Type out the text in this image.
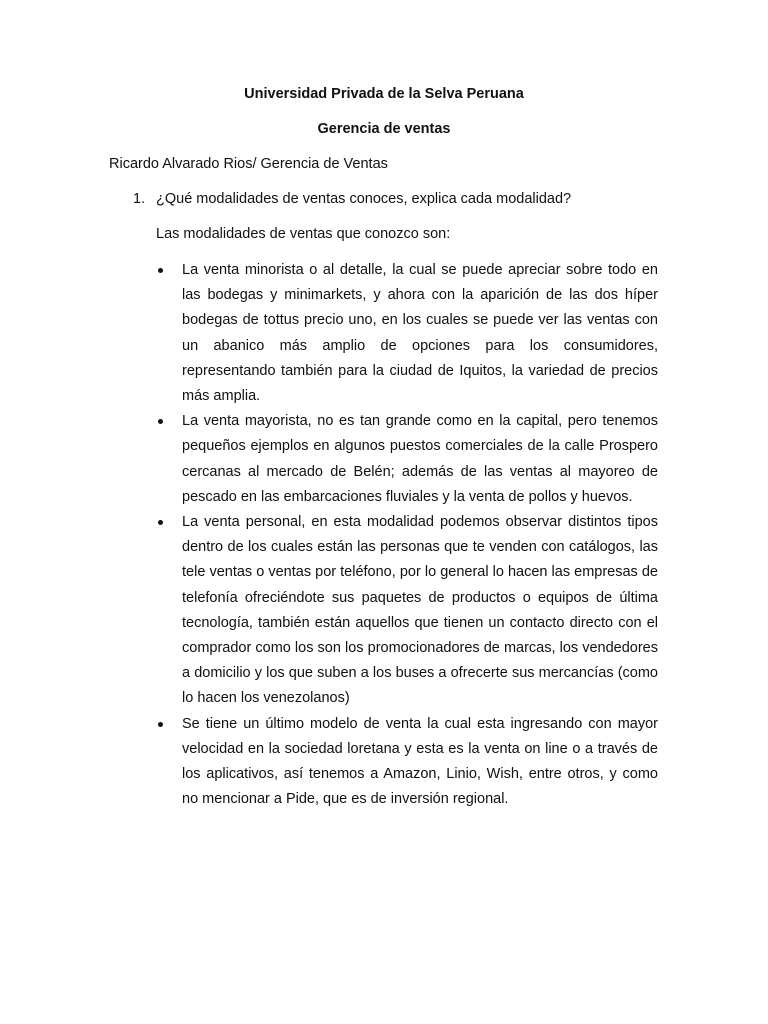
Universidad Privada de la Selva Peruana
Gerencia de ventas
Ricardo Alvarado Rios/ Gerencia de Ventas
1. ¿Qué modalidades de ventas conoces, explica cada modalidad?
Las modalidades de ventas que conozco son:
La venta minorista o al detalle, la cual se puede apreciar sobre todo en las bodegas y minimarkets, y ahora con la aparición de las dos híper bodegas de tottus precio uno, en los cuales se puede ver las ventas con un abanico más amplio de opciones para los consumidores, representando también para la ciudad de Iquitos, la variedad de precios más amplia.
La venta mayorista, no es tan grande como en la capital, pero tenemos pequeños ejemplos en algunos puestos comerciales de la calle Prospero cercanas al mercado de Belén; además de las ventas al mayoreo de pescado en las embarcaciones fluviales y la venta de pollos y huevos.
La venta personal, en esta modalidad podemos observar distintos tipos dentro de los cuales están las personas que te venden con catálogos, las tele ventas o ventas por teléfono, por lo general lo hacen las empresas de telefonía ofreciéndote sus paquetes de productos o equipos de última tecnología, también están aquellos que tienen un contacto directo con el comprador como los son los promocionadores de marcas, los vendedores a domicilio y los que suben a los buses a ofrecerte sus mercancías (como lo hacen los venezolanos)
Se tiene un último modelo de venta la cual esta ingresando con mayor velocidad en la sociedad loretana y esta es la venta on line o a través de los aplicativos, así tenemos a Amazon, Linio, Wish, entre otros, y como no mencionar a Pide, que es de inversión regional.
